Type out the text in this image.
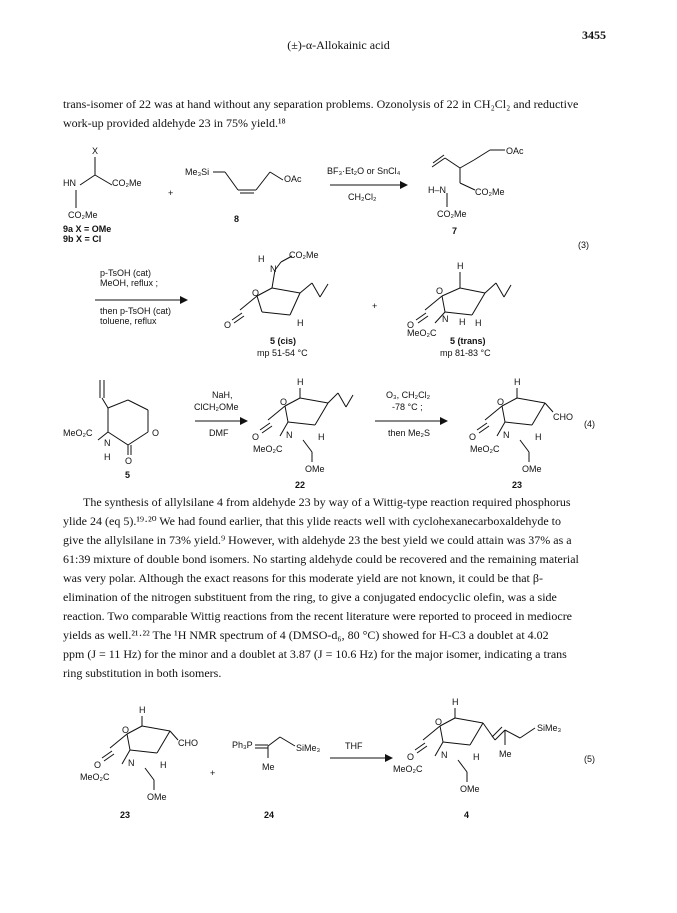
(±)-α-Allokainic acid
3455
trans-isomer of 22 was at hand without any separation problems. Ozonolysis of 22 in CH₂Cl₂ and reductive
work-up provided aldehyde 23 in 75% yield.¹⁸
X
HN	CO₂Me
CO₂Me
9a X = OMe
9b X = Cl
+
Me₃Si
OAc
8
BF₃·Et₂O or SnCl₄
CH₂Cl₂
OAc
H–N	CO₂Me
CO₂Me
7
(3)
p-TsOH (cat)
MeOH, reflux ;
then p-TsOH (cat)
toluene, reflux
H
N
CO₂Me
O
O	H
5 (cis)
mp 51-54 °C
+
H
O
O
N
MeO₂C
H H
5 (trans)
mp 81-83 °C
MeO₂C
N
H
O
O
5
NaH,
ClCH₂OMe
DMF
H
O
O	N
MeO₂C
H
OMe
22
O₃, CH₂Cl₂
-78 °C ;
then Me₂S
H
O
O	N
MeO₂C
H
OMe
CHO
23
(4)
H
O
O	N
MeO₂C
H
OMe
CHO
23
+
Ph₃P	SiMe₃
Me
24
THF
H
O
O	N
MeO₂C
H
OMe
Me
SiMe₃
4
(5)
The synthesis of allylsilane 4 from aldehyde 23 by way of a Wittig-type reaction required phosphorus
ylide 24 (eq 5).¹⁹·²⁰ We had found earlier, that this ylide reacts well with cyclohexanecarboxaldehyde to
give the allylsilane in 73% yield.⁹ However, with aldehyde 23 the best yield we could attain was 37% as a
61:39 mixture of double bond isomers. No starting aldehyde could be recovered and the remaining material
was very polar. Although the exact reasons for this moderate yield are not known, it could be that β-
elimination of the nitrogen substituent from the ring, to give a conjugated endocyclic olefin, was a side
reaction. Two comparable Wittig reactions from the recent literature were reported to proceed in mediocre
yields as well.²¹·²² The ¹H NMR spectrum of 4 (DMSO-d₆, 80 °C) showed for H-C3 a doublet at 4.02
ppm (J = 11 Hz) for the minor and a doublet at 3.87 (J = 10.6 Hz) for the major isomer, indicating a trans
ring substitution in both isomers.
